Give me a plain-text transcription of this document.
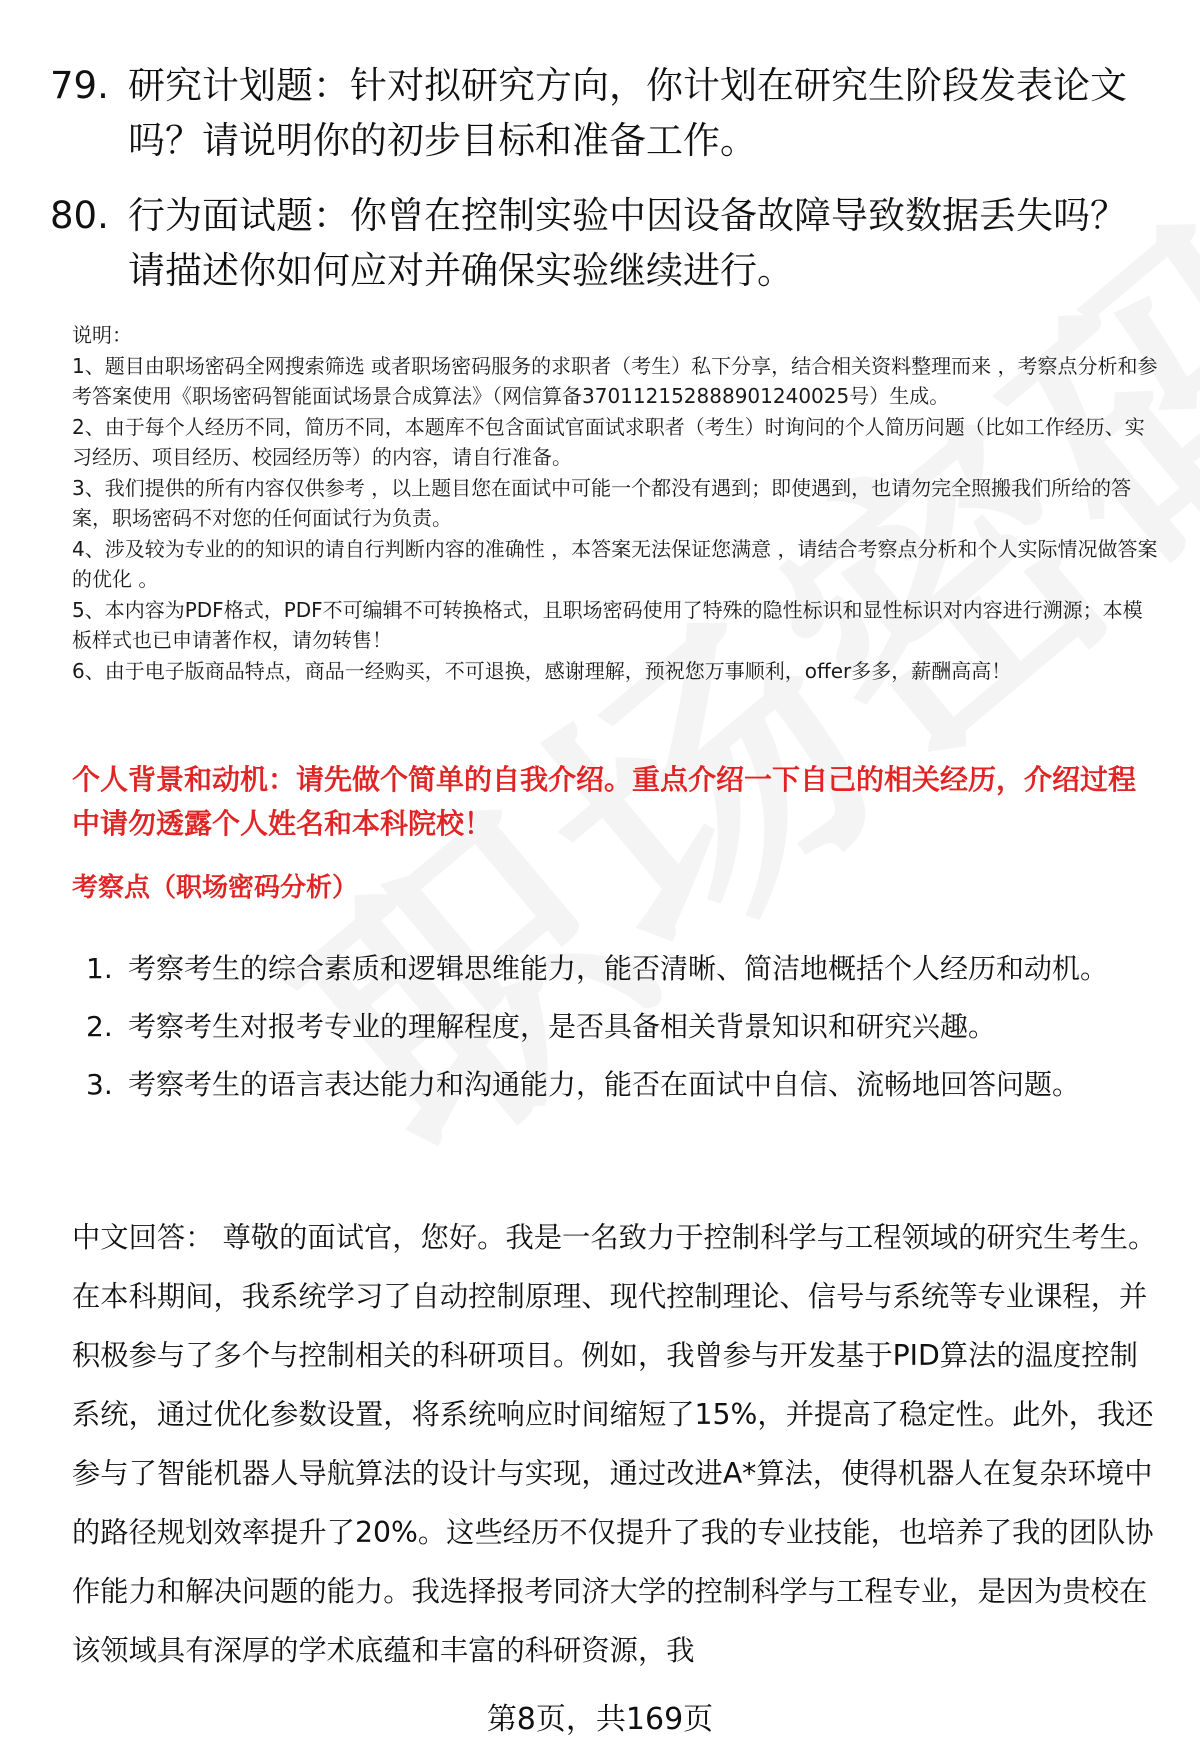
79. 研究计划题：针对拟研究方向，你计划在研究生阶段发表论文吗？请说明你的初步目标和准备工作。
80. 行为面试题：你曾在控制实验中因设备故障导致数据丢失吗？请描述你如何应对并确保实验继续进行。

说明：

1、题目由职场密码全网搜索筛选 或者职场密码服务的求职者（考生）私下分享，结合相关资料整理而来 ，考察点分析和参考答案使用《职场密码智能面试场景合成算法》（网信算备370112152888901240025号）生成。

2、由于每个人经历不同，简历不同，本题库不包含面试官面试求职者（考生）时询问的个人简历问题（比如工作经历、实习经历、项目经历、校园经历等）的内容，请自行准备。

3、我们提供的所有内容仅供参考 ，以上题目您在面试中可能一个都没有遇到；即使遇到，也请勿完全照搬我们所给的答案，职场密码不对您的任何面试行为负责。

4、涉及较为专业的的知识的请自行判断内容的准确性 ，本答案无法保证您满意 ，请结合考察点分析和个人实际情况做答案的优化 。

5、本内容为PDF格式，PDF不可编辑不可转换格式，且职场密码使用了特殊的隐性标识和显性标识对内容进行溯源；本模板样式也已申请著作权，请勿转售！

6、由于电子版商品特点，商品一经购买，不可退换，感谢理解，预祝您万事顺利，offer多多，薪酬高高！

个人背景和动机：请先做个简单的自我介绍。重点介绍一下自己的相关经历，介绍过程中请勿透露个人姓名和本科院校！
考察点（职场密码分析）
1. 考察考生的综合素质和逻辑思维能力，能否清晰、简洁地概括个人经历和动机。
2. 考察考生对报考专业的理解程度，是否具备相关背景知识和研究兴趣。
3. 考察考生的语言表达能力和沟通能力，能否在面试中自信、流畅地回答问题。

中文回答： 尊敬的面试官，您好。我是一名致力于控制科学与工程领域的研究生考生。在本科期间，我系统学习了自动控制原理、现代控制理论、信号与系统等专业课程，并积极参与了多个与控制相关的科研项目。例如，我曾参与开发基于PID算法的温度控制系统，通过优化参数设置，将系统响应时间缩短了15%，并提高了稳定性。此外，我还参与了智能机器人导航算法的设计与实现，通过改进A*算法，使得机器人在复杂环境中的路径规划效率提升了20%。这些经历不仅提升了我的专业技能，也培养了我的团队协作能力和解决问题的能力。我选择报考同济大学的控制科学与工程专业，是因为贵校在该领域具有深厚的学术底蕴和丰富的科研资源，我

第8页，共169页
